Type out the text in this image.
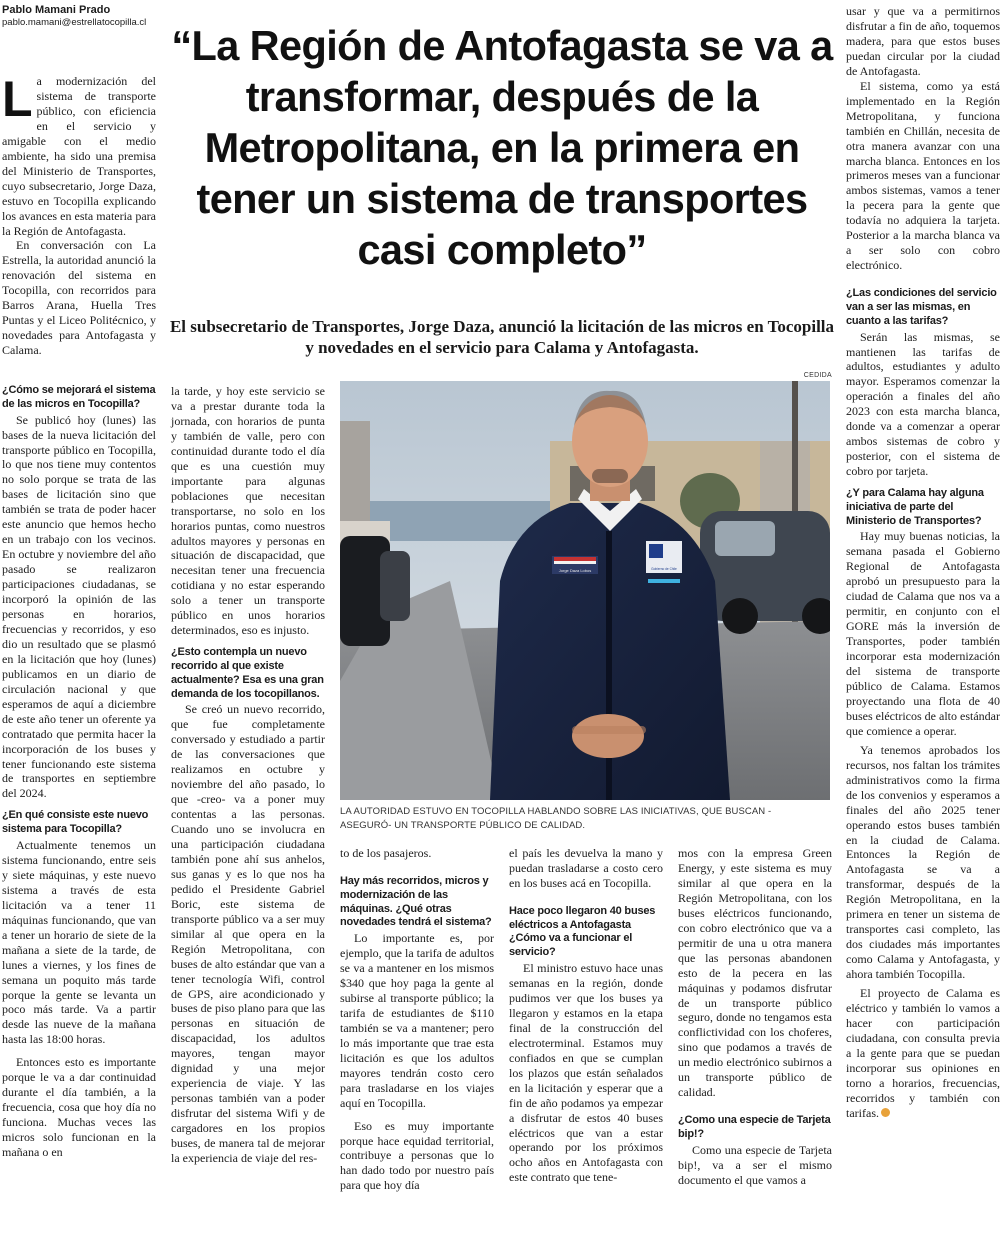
Pablo Mamani Prado
pablo.mamani@estrellatocopilla.cl “La Región de Antofagasta se va a transformar, después de la Metropolitana, en la primera en tener un sistema de transportes casi completo”
El subsecretario de Transportes, Jorge Daza, anunció la licitación de las micros en Tocopilla y novedades en el servicio para Calama y Antofagasta.

La modernización del sistema de transporte público, con eficiencia en el servicio y amigable con el medio ambiente, ha sido una premisa del Ministerio de Transportes, cuyo subsecretario, Jorge Daza, estuvo en Tocopilla explicando los avances en esta materia para la Región de Antofagasta.

En conversación con La Estrella, la autoridad anunció la renovación del sistema en Tocopilla, con recorridos para Barros Arana, Huella Tres Puntas y el Liceo Politécnico, y novedades para Antofagasta y Calama.

¿Cómo se mejorará el sistema de las micros en Tocopilla?

Se publicó hoy (lunes) las bases de la nueva licitación del transporte público en Tocopilla, lo que nos tiene muy contentos no solo porque se trata de las bases de licitación sino que también se trata de poder hacer este anuncio que hemos hecho en un trabajo con los vecinos. En octubre y noviembre del año pasado se realizaron participaciones ciudadanas, se incorporó la opinión de las personas en horarios, frecuencias y recorridos, y eso dio un resultado que se plasmó en la licitación que hoy (lunes) publicamos en un diario de circulación nacional y que esperamos de aquí a diciembre de este año tener un oferente ya contratado que permita hacer la incorporación de los buses y tener funcionando este sistema de transportes en septiembre del 2024.

¿En qué consiste este nuevo sistema para Tocopilla?

Actualmente tenemos un sistema funcionando, entre seis y siete máquinas, y este nuevo sistema a través de esta licitación va a tener 11 máquinas funcionando, que van a tener un horario de siete de la mañana a siete de la tarde, de lunes a viernes, y los fines de semana un poquito más tarde porque la gente se levanta un poco más tarde. Va a partir desde las nueve de la mañana hasta las 18:00 horas.

Entonces esto es importante porque le va a dar continuidad durante el día también, a la frecuencia, cosa que hoy día no funciona. Muchas veces las micros solo funcionan en la mañana o en

la tarde, y hoy este servicio se va a prestar durante toda la jornada, con horarios de punta y también de valle, pero con continuidad durante todo el día que es una cuestión muy importante para algunas poblaciones que necesitan transportarse, no solo en los horarios puntas, como nuestros adultos mayores y personas en situación de discapacidad, que necesitan tener una frecuencia cotidiana y no estar esperando solo a tener un transporte público en unos horarios determinados, eso es injusto.

¿Esto contempla un nuevo recorrido al que existe actualmente? Esa es una gran demanda de los tocopillanos.

Se creó un nuevo recorrido, que fue completamente conversado y estudiado a partir de las conversaciones que realizamos en octubre y noviembre del año pasado, lo que -creo- va a poner muy contentas a las personas. Cuando uno se involucra en una participación ciudadana también pone ahí sus anhelos, sus ganas y es lo que nos ha pedido el Presidente Gabriel Boric, este sistema de transporte público va a ser muy similar al que opera en la Región Metropolitana, con buses de alto estándar que van a tener tecnología Wifi, control de GPS, aire acondicionado y buses de piso plano para que las personas en situación de discapacidad, los adultos mayores, tengan mayor dignidad y una mejor experiencia de viaje. Y las personas también van a poder disfrutar del sistema Wifi y de cargadores en los propios buses, de manera tal de mejorar la experiencia de viaje del res-

CEDIDA
Jorge Daza Lobos	Gobierno de Chile
LA AUTORIDAD ESTUVO EN TOCOPILLA HABLANDO SOBRE LAS INICIATIVAS, QUE BUSCAN - ASEGURÓ- UN TRANSPORTE PÚBLICO DE CALIDAD.

to de los pasajeros.

Hay más recorridos, micros y modernización de las máquinas. ¿Qué otras novedades tendrá el sistema?

Lo importante es, por ejemplo, que la tarifa de adultos se va a mantener en los mismos $340 que hoy paga la gente al subirse al transporte público; la tarifa de estudiantes de $110 también se va a mantener; pero lo más importante que trae esta licitación es que los adultos mayores tendrán costo cero para trasladarse en los viajes aquí en Tocopilla.

Eso es muy importante porque hace equidad territorial, contribuye a personas que lo han dado todo por nuestro país para que hoy día

el país les devuelva la mano y puedan trasladarse a costo cero en los buses acá en Tocopilla.

Hace poco llegaron 40 buses eléctricos a Antofagasta ¿Cómo va a funcionar el servicio?

El ministro estuvo hace unas semanas en la región, donde pudimos ver que los buses ya llegaron y estamos en la etapa final de la construcción del electroterminal. Estamos muy confiados en que se cumplan los plazos que están señalados en la licitación y esperar que a fin de año podamos ya empezar a disfrutar de estos 40 buses eléctricos que van a estar operando por los próximos ocho años en Antofagasta con este contrato que tene-

mos con la empresa Green Energy, y este sistema es muy similar al que opera en la Región Metropolitana, con los buses eléctricos funcionando, con cobro electrónico que va a permitir de una u otra manera que las personas abandonen esto de la pecera en las máquinas y podamos disfrutar de un transporte público seguro, donde no tengamos esta conflictividad con los choferes, sino que podamos a través de un medio electrónico subirnos a un transporte público de calidad.

¿Como una especie de Tarjeta bip!?

Como una especie de Tarjeta bip!, va a ser el mismo documento el que vamos a

usar y que va a permitirnos disfrutar a fin de año, toquemos madera, para que estos buses puedan circular por la ciudad de Antofagasta.

El sistema, como ya está implementado en la Región Metropolitana, y funciona también en Chillán, necesita de otra manera avanzar con una marcha blanca. Entonces en los primeros meses van a funcionar ambos sistemas, vamos a tener la pecera para la gente que todavía no adquiera la tarjeta. Posterior a la marcha blanca va a ser solo con cobro electrónico.

¿Las condiciones del servicio van a ser las mismas, en cuanto a las tarifas?

Serán las mismas, se mantienen las tarifas de adultos, estudiantes y adulto mayor. Esperamos comenzar la operación a finales del año 2023 con esta marcha blanca, donde va a comenzar a operar ambos sistemas de cobro y posterior, con el sistema de cobro por tarjeta.

¿Y para Calama hay alguna iniciativa de parte del Ministerio de Transportes?

Hay muy buenas noticias, la semana pasada el Gobierno Regional de Antofagasta aprobó un presupuesto para la ciudad de Calama que nos va a permitir, en conjunto con el GORE más la inversión de Transportes, poder también incorporar esta modernización del sistema de transporte público de Calama. Estamos proyectando una flota de 40 buses eléctricos de alto estándar que comience a operar.

Ya tenemos aprobados los recursos, nos faltan los trámites administrativos como la firma de los convenios y esperamos a finales del año 2025 tener operando estos buses también en la ciudad de Calama. Entonces la Región de Antofagasta se va a transformar, después de la Región Metropolitana, en la primera en tener un sistema de transportes casi completo, las dos ciudades más importantes como Calama y Antofagasta, y ahora también Tocopilla.

El proyecto de Calama es eléctrico y también lo vamos a hacer con participación ciudadana, con consulta previa a la gente para que se puedan incorporar sus opiniones en torno a horarios, frecuencias, recorridos y también con tarifas.
